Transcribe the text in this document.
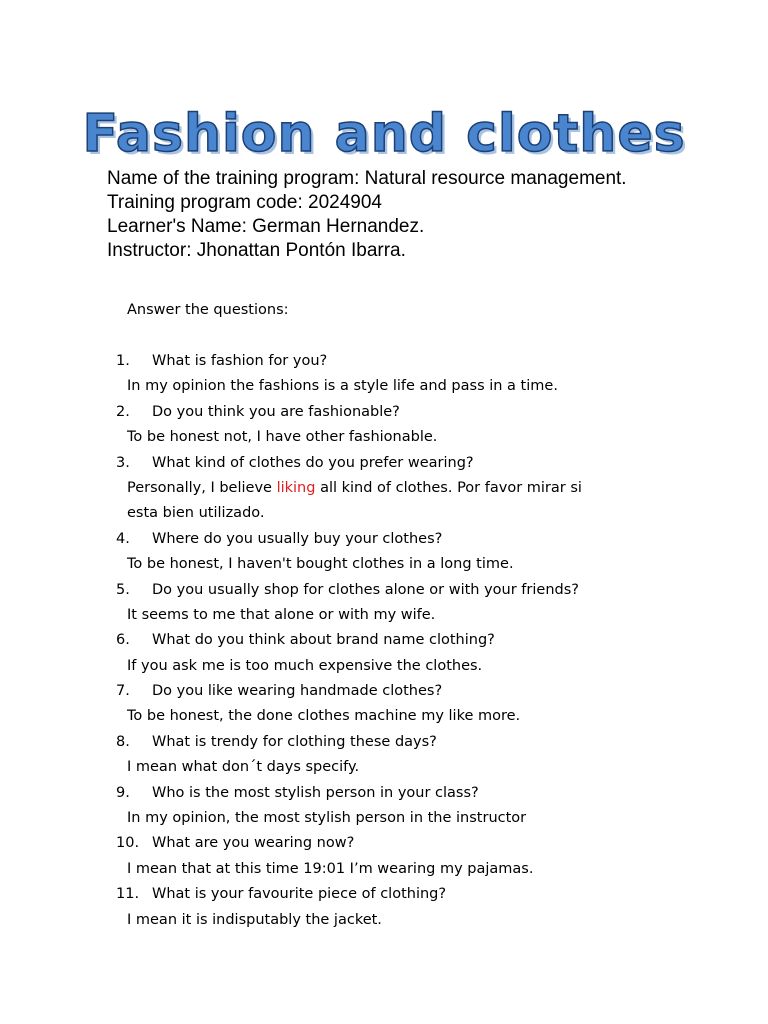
Fashion and clothes
Name of the training program: Natural resource management.
Training program code: 2024904
Learner's Name: German Hernandez.
Instructor: Jhonattan Pontón Ibarra.
Answer the questions:
1. What is fashion for you?
In my opinion the fashions is a style life and pass in a time.
2. Do you think you are fashionable?
To be honest not, I have other fashionable.
3. What kind of clothes do you prefer wearing?
Personally, I believe liking all kind of clothes. Por favor mirar si
esta bien utilizado.
4. Where do you usually buy your clothes?
To be honest, I haven't bought clothes in a long time.
5. Do you usually shop for clothes alone or with your friends?
It seems to me that alone or with my wife.
6. What do you think about brand name clothing?
If you ask me is too much expensive the clothes.
7. Do you like wearing handmade clothes?
To be honest, the done clothes machine my like more.
8. What is trendy for clothing these days?
I mean what don´t days specify.
9. Who is the most stylish person in your class?
In my opinion, the most stylish person in the instructor
10. What are you wearing now?
I mean that at this time 19:01 I’m wearing my pajamas.
11. What is your favourite piece of clothing?
I mean it is indisputably the jacket.
